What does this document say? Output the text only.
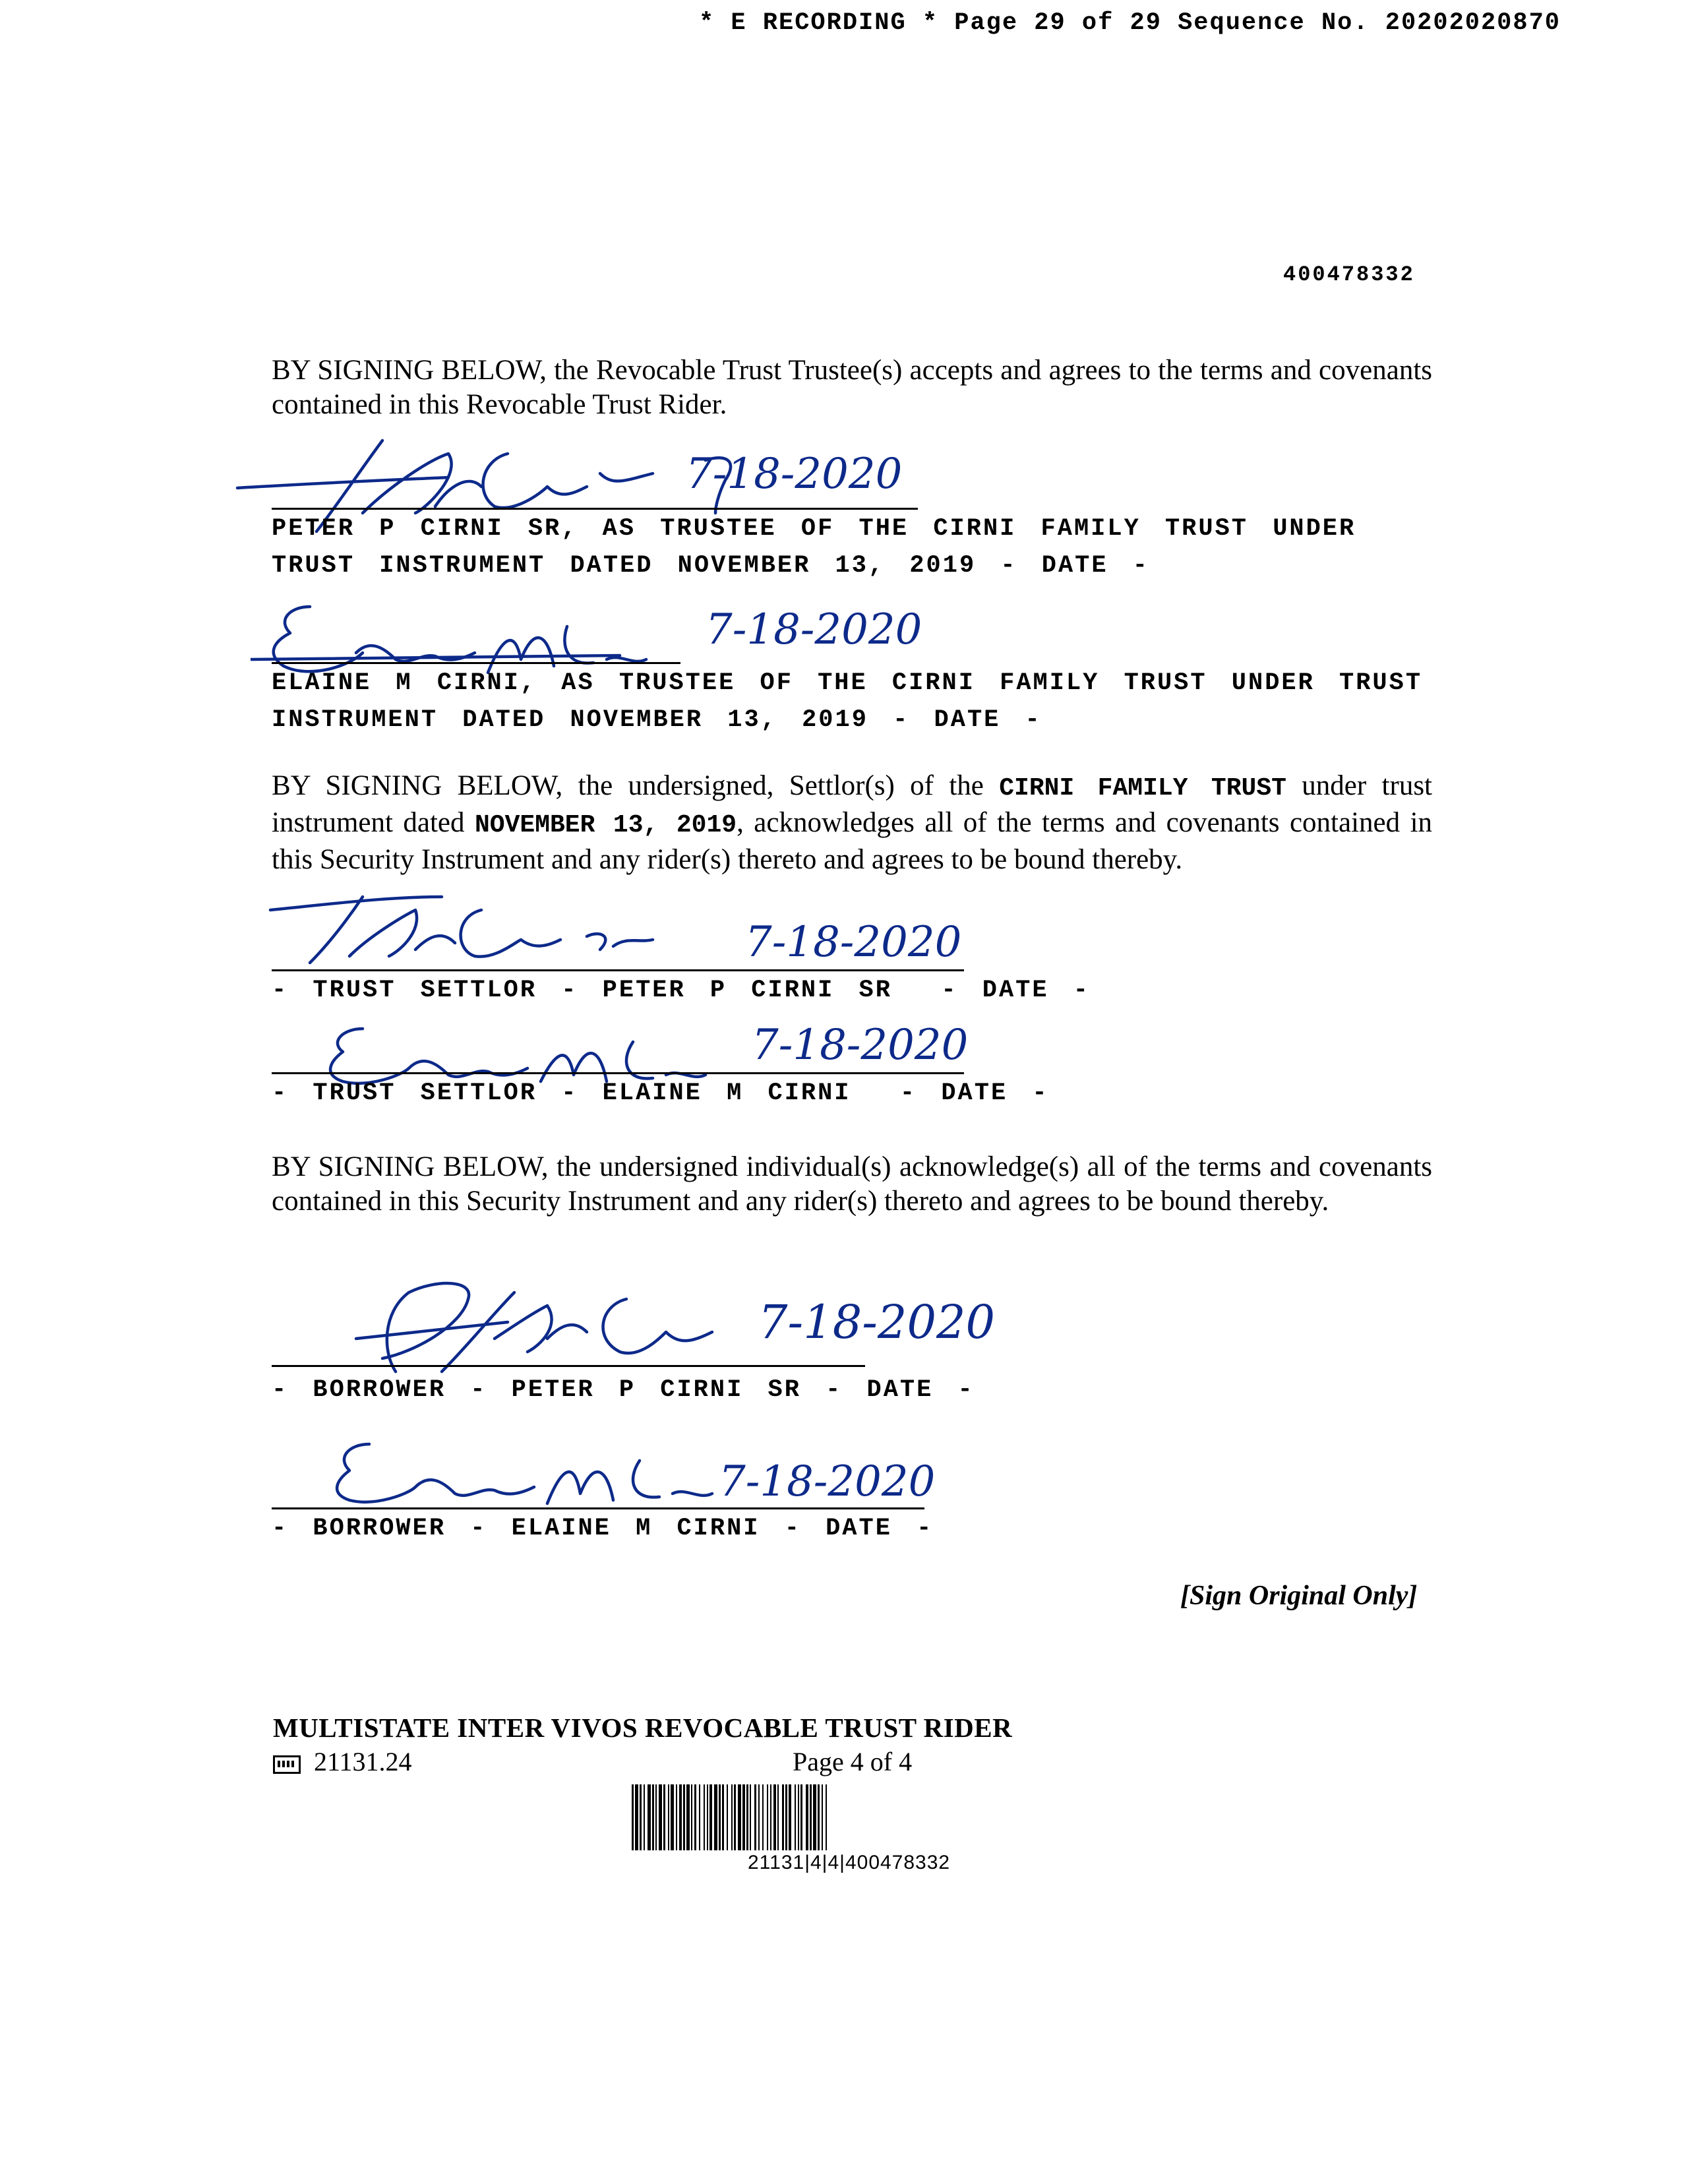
* E RECORDING * Page 29 of 29 Sequence No. 20202020870
400478332
BY SIGNING BELOW, the Revocable Trust Trustee(s) accepts and agrees to the terms and covenants contained in this Revocable Trust Rider.
7-18-2020
PETER P CIRNI SR, AS TRUSTEE OF THE CIRNI FAMILY TRUST UNDER TRUST INSTRUMENT DATED NOVEMBER 13, 2019 - DATE -
7-18-2020
ELAINE M CIRNI, AS TRUSTEE OF THE CIRNI FAMILY TRUST UNDER TRUST INSTRUMENT DATED NOVEMBER 13, 2019 - DATE -
BY SIGNING BELOW, the undersigned, Settlor(s) of the CIRNI FAMILY TRUST under trust instrument dated NOVEMBER 13, 2019, acknowledges all of the terms and covenants contained in this Security Instrument and any rider(s) thereto and agrees to be bound thereby.
7-18-2020
- TRUST SETTLOR - PETER P CIRNI SR  - DATE -
7-18-2020
- TRUST SETTLOR - ELAINE M CIRNI  - DATE -
BY SIGNING BELOW, the undersigned individual(s) acknowledge(s) all of the terms and covenants contained in this Security Instrument and any rider(s) thereto and agrees to be bound thereby.
7-18-2020
- BORROWER - PETER P CIRNI SR - DATE -
7-18-2020
- BORROWER - ELAINE M CIRNI - DATE -
[Sign Original Only]
MULTISTATE INTER VIVOS REVOCABLE TRUST RIDER
21131.24	Page 4 of 4
21131|4|4|400478332
